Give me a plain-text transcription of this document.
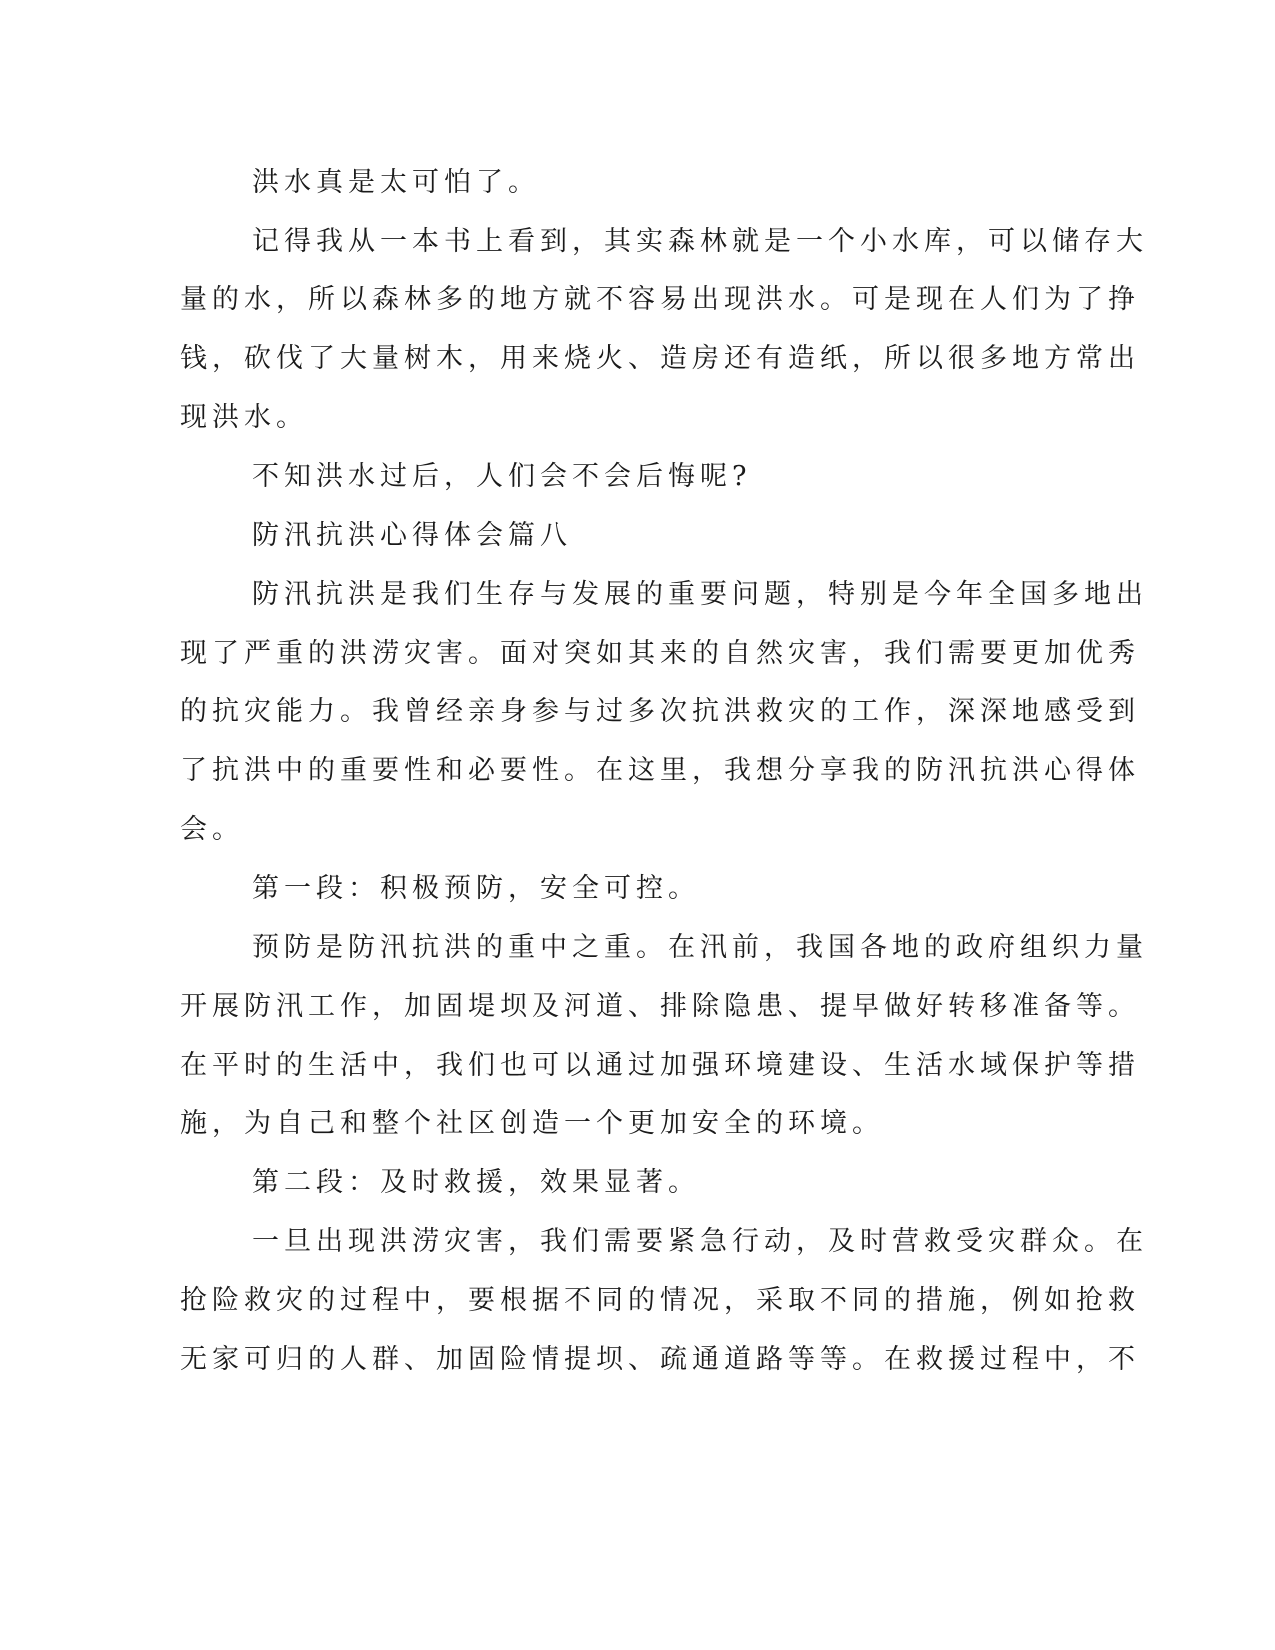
洪水真是太可怕了。
记得我从一本书上看到，其实森林就是一个小水库，可以储存大
量的水，所以森林多的地方就不容易出现洪水。可是现在人们为了挣
钱，砍伐了大量树木，用来烧火、造房还有造纸，所以很多地方常出
现洪水。
不知洪水过后，人们会不会后悔呢?
防汛抗洪心得体会篇八
防汛抗洪是我们生存与发展的重要问题，特别是今年全国多地出
现了严重的洪涝灾害。面对突如其来的自然灾害，我们需要更加优秀
的抗灾能力。我曾经亲身参与过多次抗洪救灾的工作，深深地感受到
了抗洪中的重要性和必要性。在这里，我想分享我的防汛抗洪心得体
会。
第一段：积极预防，安全可控。
预防是防汛抗洪的重中之重。在汛前，我国各地的政府组织力量
开展防汛工作，加固堤坝及河道、排除隐患、提早做好转移准备等。
在平时的生活中，我们也可以通过加强环境建设、生活水域保护等措
施，为自己和整个社区创造一个更加安全的环境。
第二段：及时救援，效果显著。
一旦出现洪涝灾害，我们需要紧急行动，及时营救受灾群众。在
抢险救灾的过程中，要根据不同的情况，采取不同的措施，例如抢救
无家可归的人群、加固险情提坝、疏通道路等等。在救援过程中，不
